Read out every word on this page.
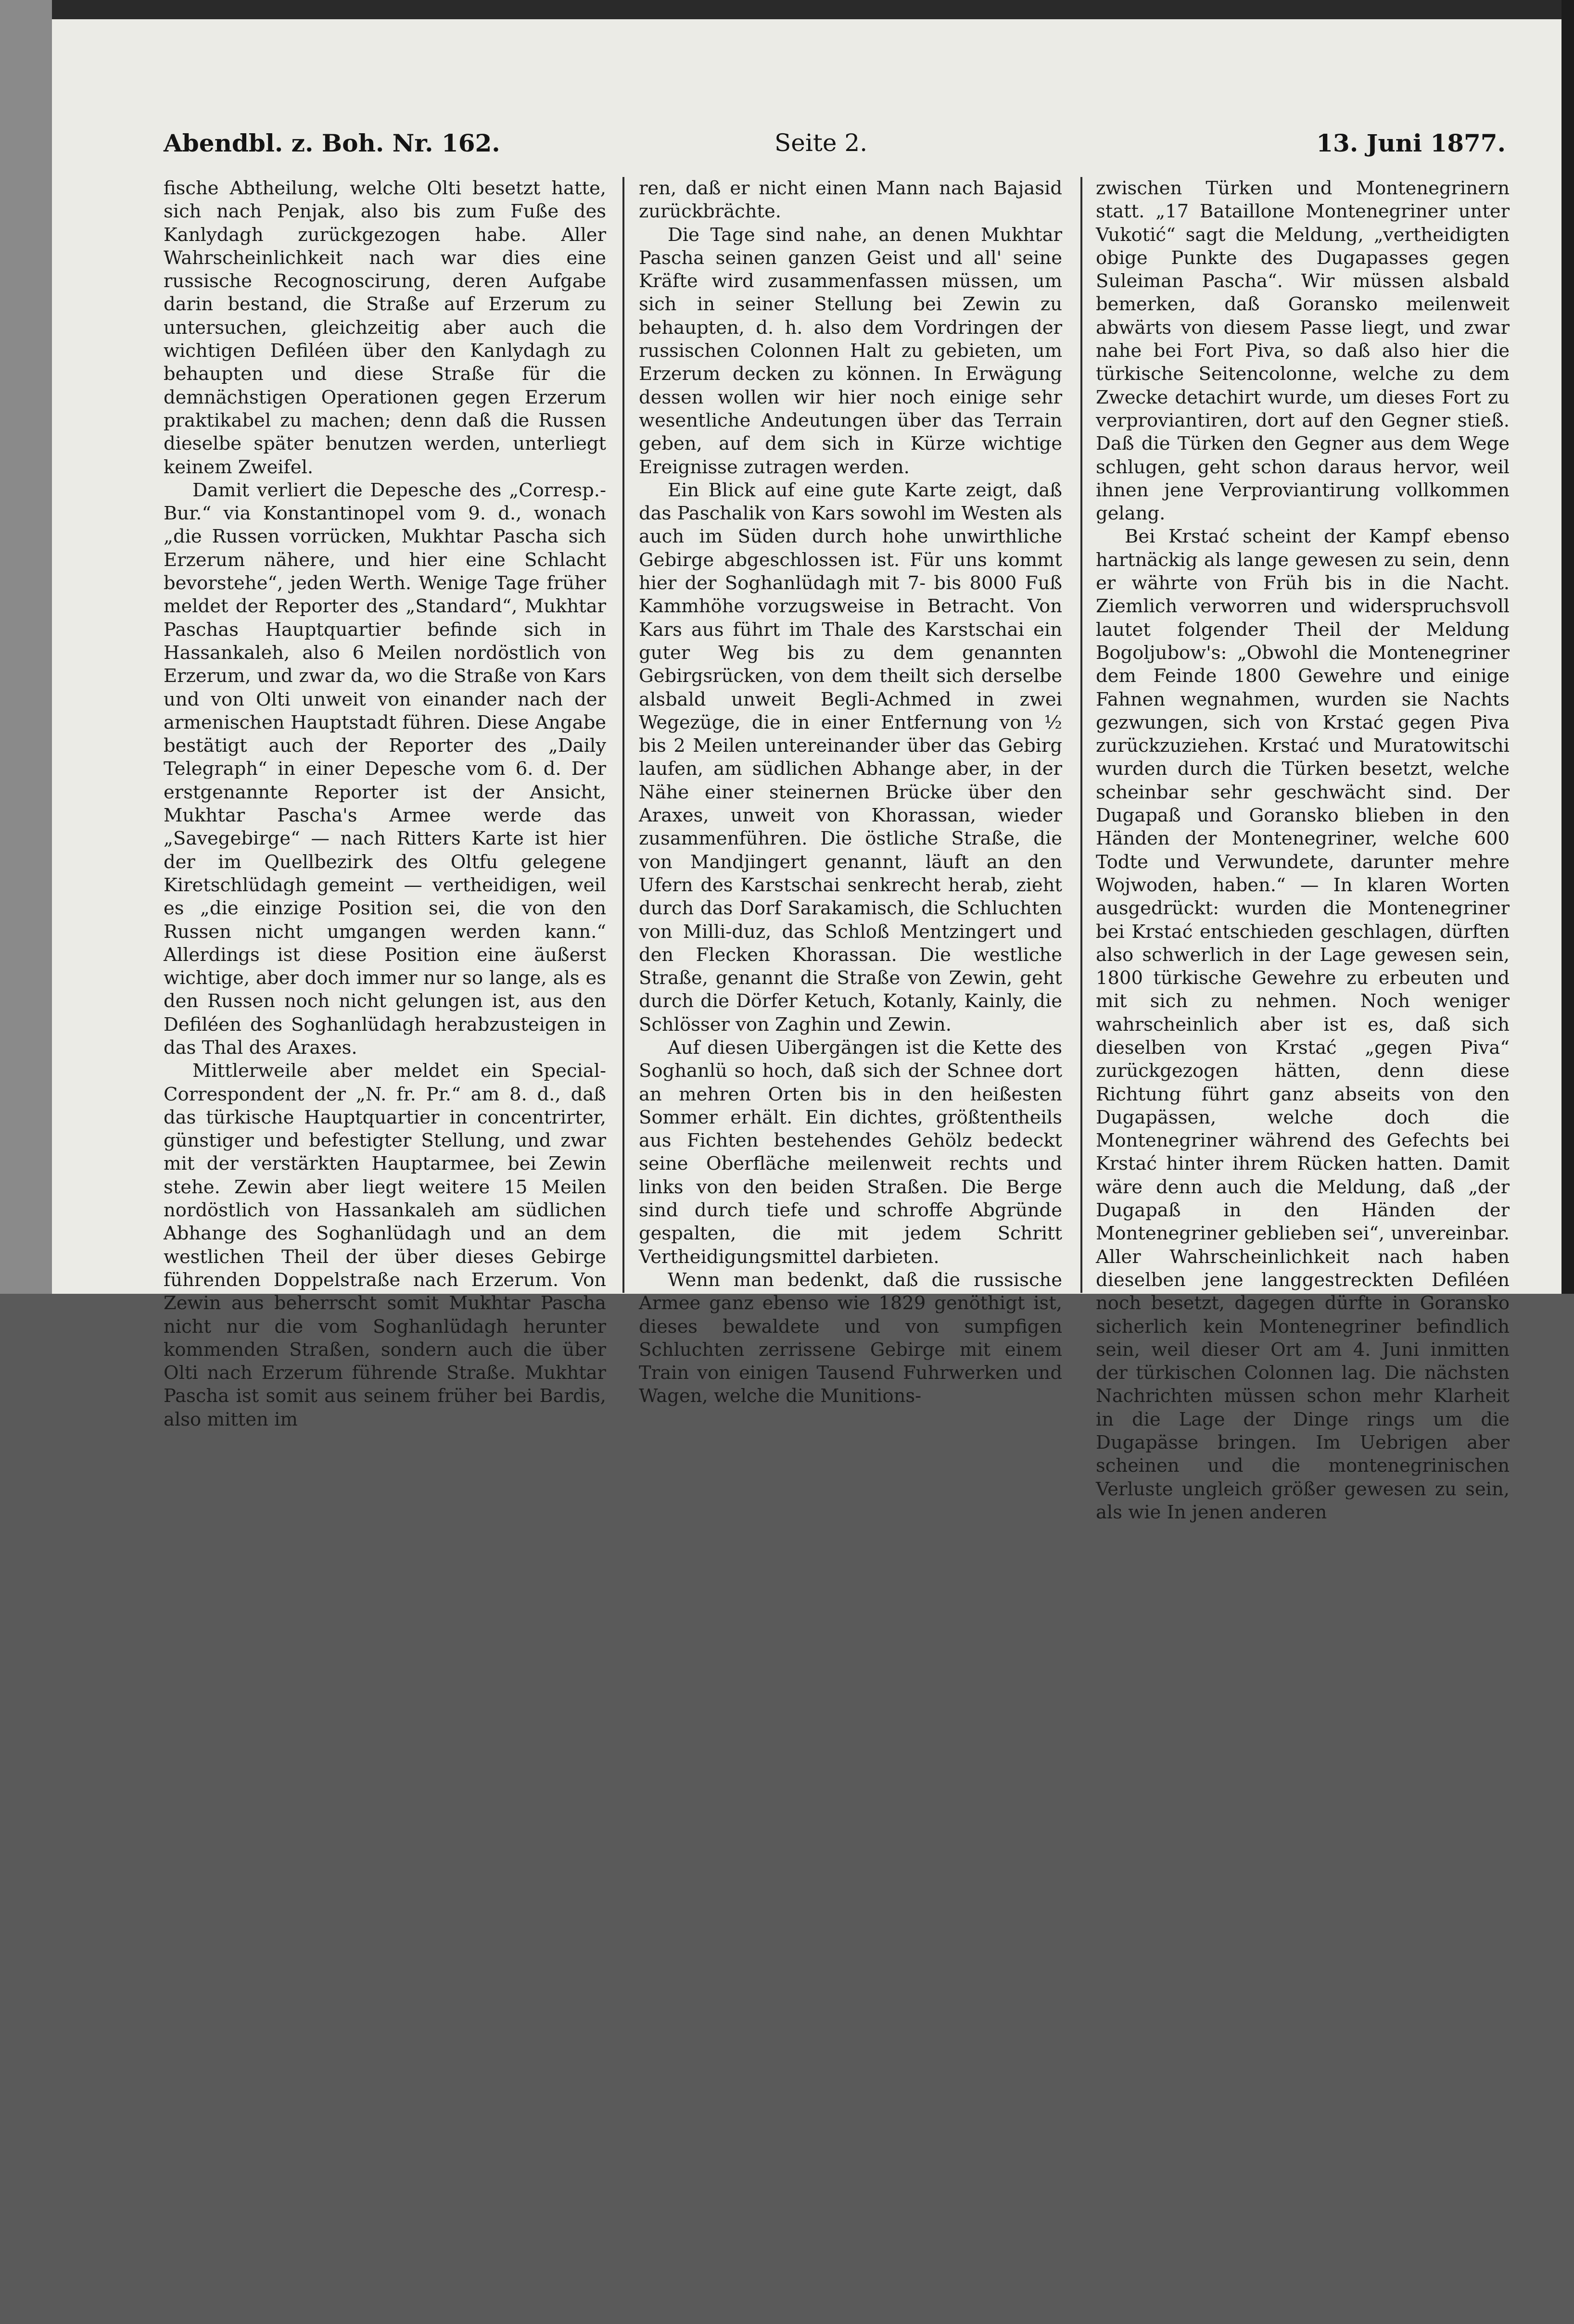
Abendbl. z. Boh. Nr. 162.	Seite 2.	13. Juni 1877.

fische Abtheilung, welche Olti besetzt hatte, sich nach Penjak, also bis zum Fuße des Kanlydagh zurückgezogen habe. Aller Wahrscheinlichkeit nach war dies eine russische Recognoscirung, deren Aufgabe darin bestand, die Straße auf Erzerum zu untersuchen, gleichzeitig aber auch die wichtigen Defiléen über den Kanlydagh zu behaupten und diese Straße für die demnächstigen Operationen gegen Erzerum praktikabel zu machen; denn daß die Russen dieselbe später benutzen werden, unterliegt keinem Zweifel.

Damit verliert die Depesche des „Corresp.-Bur.“ via Konstantinopel vom 9. d., wonach „die Russen vorrücken, Mukhtar Pascha sich Erzerum nähere, und hier eine Schlacht bevorstehe“, jeden Werth. Wenige Tage früher meldet der Reporter des „Standard“, Mukhtar Paschas Hauptquartier befinde sich in Hassankaleh, also 6 Meilen nordöstlich von Erzerum, und zwar da, wo die Straße von Kars und von Olti unweit von einander nach der armenischen Hauptstadt führen. Diese Angabe bestätigt auch der Reporter des „Daily Telegraph“ in einer Depesche vom 6. d. Der erstgenannte Reporter ist der Ansicht, Mukhtar Pascha's Armee werde das „Savegebirge“ — nach Ritters Karte ist hier der im Quellbezirk des Oltfu gelegene Kiretschlüdagh gemeint — vertheidigen, weil es „die einzige Position sei, die von den Russen nicht umgangen werden kann.“ Allerdings ist diese Position eine äußerst wichtige, aber doch immer nur so lange, als es den Russen noch nicht gelungen ist, aus den Defiléen des Soghanlüdagh herabzusteigen in das Thal des Araxes.

Mittlerweile aber meldet ein Special-Correspondent der „N. fr. Pr.“ am 8. d., daß das türkische Hauptquartier in concentrirter, günstiger und befestigter Stellung, und zwar mit der verstärkten Hauptarmee, bei Zewin stehe. Zewin aber liegt weitere 15 Meilen nordöstlich von Hassankaleh am südlichen Abhange des Soghanlüdagh und an dem westlichen Theil der über dieses Gebirge führenden Doppelstraße nach Erzerum. Von Zewin aus beherrscht somit Mukhtar Pascha nicht nur die vom Soghanlüdagh herunter kommenden Straßen, sondern auch die über Olti nach Erzerum führende Straße. Mukhtar Pascha ist somit aus seinem früher bei Bardis, also mitten im

ren, daß er nicht einen Mann nach Bajasid zurückbrächte.

Die Tage sind nahe, an denen Mukhtar Pascha seinen ganzen Geist und all' seine Kräfte wird zusammenfassen müssen, um sich in seiner Stellung bei Zewin zu behaupten, d. h. also dem Vordringen der russischen Colonnen Halt zu gebieten, um Erzerum decken zu können. In Erwägung dessen wollen wir hier noch einige sehr wesentliche Andeutungen über das Terrain geben, auf dem sich in Kürze wichtige Ereignisse zutragen werden.

Ein Blick auf eine gute Karte zeigt, daß das Paschalik von Kars sowohl im Westen als auch im Süden durch hohe unwirthliche Gebirge abgeschlossen ist. Für uns kommt hier der Soghanlüdagh mit 7- bis 8000 Fuß Kammhöhe vorzugsweise in Betracht. Von Kars aus führt im Thale des Karstschai ein guter Weg bis zu dem genannten Gebirgsrücken, von dem theilt sich derselbe alsbald unweit Begli-Achmed in zwei Wegezüge, die in einer Entfernung von ½ bis 2 Meilen untereinander über das Gebirg laufen, am südlichen Abhange aber, in der Nähe einer steinernen Brücke über den Araxes, unweit von Khorassan, wieder zusammenführen. Die östliche Straße, die von Mandjingert genannt, läuft an den Ufern des Karstschai senkrecht herab, zieht durch das Dorf Sarakamisch, die Schluchten von Milli-duz, das Schloß Mentzingert und den Flecken Khorassan. Die westliche Straße, genannt die Straße von Zewin, geht durch die Dörfer Ketuch, Kotanly, Kainly, die Schlösser von Zaghin und Zewin.

Auf diesen Uibergängen ist die Kette des Soghanlü so hoch, daß sich der Schnee dort an mehren Orten bis in den heißesten Sommer erhält. Ein dichtes, größtentheils aus Fichten bestehendes Gehölz bedeckt seine Oberfläche meilenweit rechts und links von den beiden Straßen. Die Berge sind durch tiefe und schroffe Abgründe gespalten, die mit jedem Schritt Vertheidigungsmittel darbieten.

Wenn man bedenkt, daß die russische Armee ganz ebenso wie 1829 genöthigt ist, dieses bewaldete und von sumpfigen Schluchten zerrissene Gebirge mit einem Train von einigen Tausend Fuhrwerken und Wagen, welche die Munitions-

zwischen Türken und Montenegrinern statt. „17 Bataillone Montenegriner unter Vukotić“ sagt die Meldung, „vertheidigten obige Punkte des Dugapasses gegen Suleiman Pascha“. Wir müssen alsbald bemerken, daß Goransko meilenweit abwärts von diesem Passe liegt, und zwar nahe bei Fort Piva, so daß also hier die türkische Seitencolonne, welche zu dem Zwecke detachirt wurde, um dieses Fort zu verproviantiren, dort auf den Gegner stieß. Daß die Türken den Gegner aus dem Wege schlugen, geht schon daraus hervor, weil ihnen jene Verproviantirung vollkommen gelang.

Bei Krstać scheint der Kampf ebenso hartnäckig als lange gewesen zu sein, denn er währte von Früh bis in die Nacht. Ziemlich verworren und widerspruchsvoll lautet folgender Theil der Meldung Bogoljubow's: „Obwohl die Montenegriner dem Feinde 1800 Gewehre und einige Fahnen wegnahmen, wurden sie Nachts gezwungen, sich von Krstać gegen Piva zurückzuziehen. Krstać und Muratowitschi wurden durch die Türken besetzt, welche scheinbar sehr geschwächt sind. Der Dugapaß und Goransko blieben in den Händen der Montenegriner, welche 600 Todte und Verwundete, darunter mehre Wojwoden, haben.“ — In klaren Worten ausgedrückt: wurden die Montenegriner bei Krstać entschieden geschlagen, dürften also schwerlich in der Lage gewesen sein, 1800 türkische Gewehre zu erbeuten und mit sich zu nehmen. Noch weniger wahrscheinlich aber ist es, daß sich dieselben von Krstać „gegen Piva“ zurückgezogen hätten, denn diese Richtung führt ganz abseits von den Dugapässen, welche doch die Montenegriner während des Gefechts bei Krstać hinter ihrem Rücken hatten. Damit wäre denn auch die Meldung, daß „der Dugapaß in den Händen der Montenegriner geblieben sei“, unvereinbar. Aller Wahrscheinlichkeit nach haben dieselben jene langgestreckten Defiléen noch besetzt, dagegen dürfte in Goransko sicherlich kein Montenegriner befindlich sein, weil dieser Ort am 4. Juni inmitten der türkischen Colonnen lag. Die nächsten Nachrichten müssen schon mehr Klarheit in die Lage der Dinge rings um die Dugapässe bringen. Im Uebrigen aber scheinen und die montenegrinischen Verluste ungleich größer gewesen zu sein, als wie In jenen anderen
